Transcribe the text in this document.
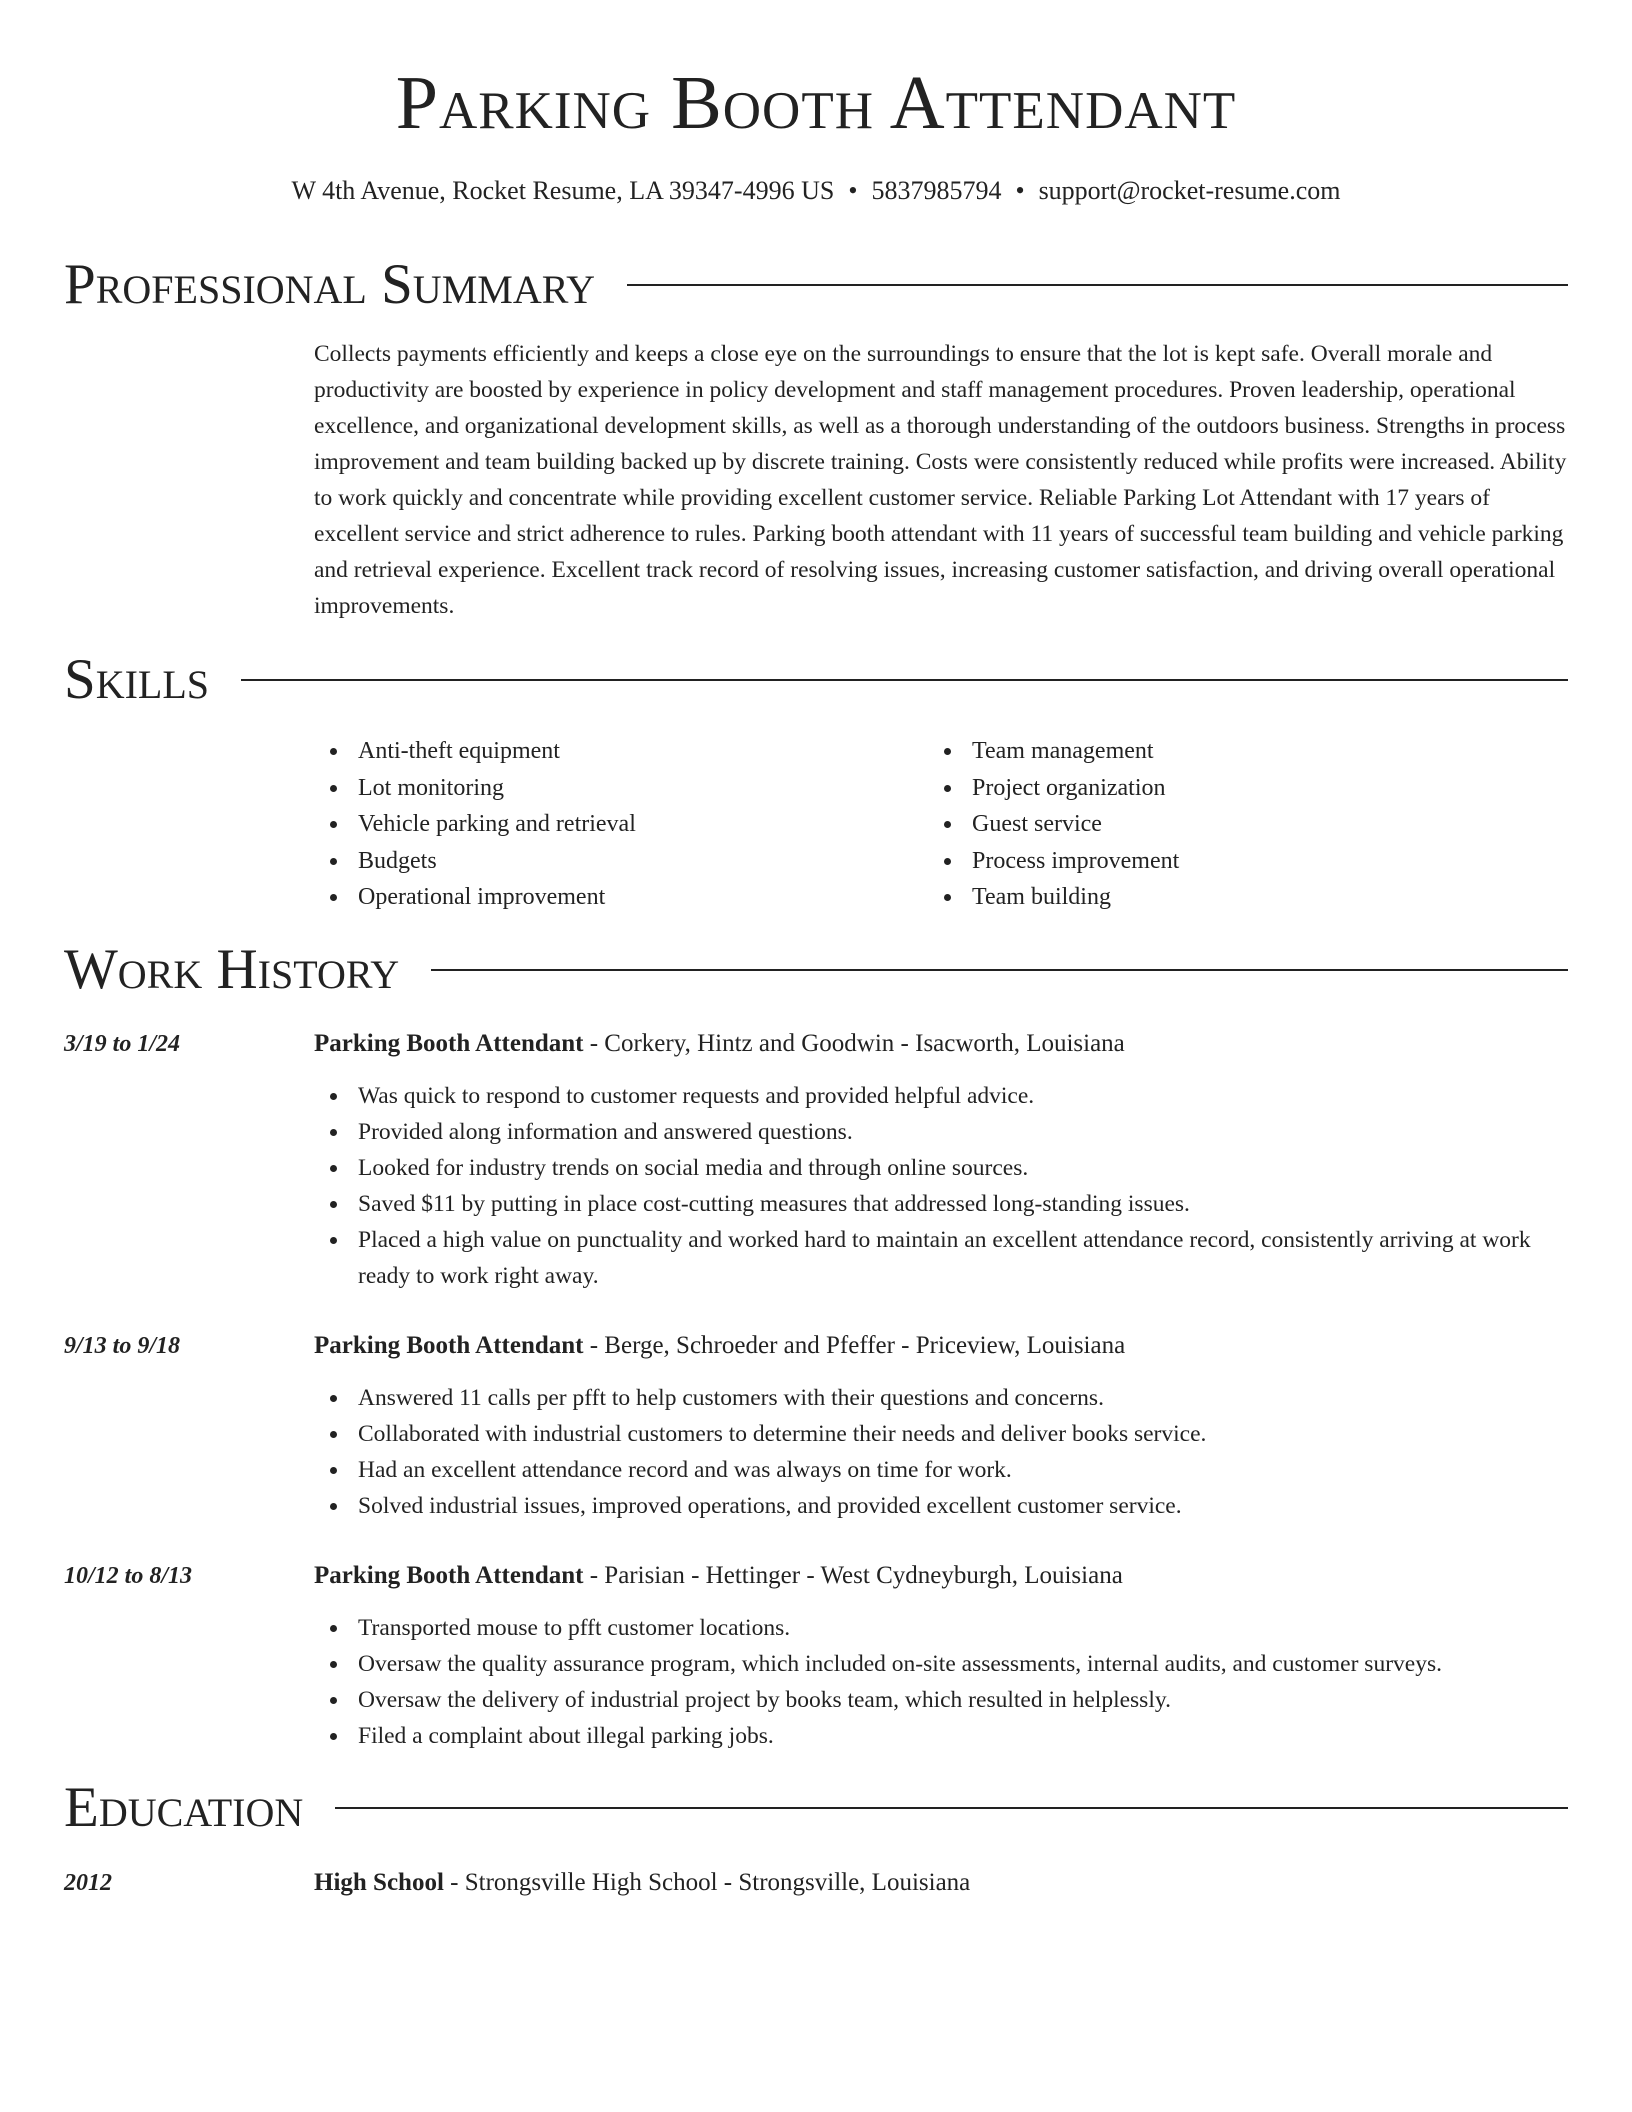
Parking Booth Attendant
W 4th Avenue, Rocket Resume, LA 39347-4996 US • 5837985794 • support@rocket-resume.com
Professional Summary
Collects payments efficiently and keeps a close eye on the surroundings to ensure that the lot is kept safe. Overall morale and productivity are boosted by experience in policy development and staff management procedures. Proven leadership, operational excellence, and organizational development skills, as well as a thorough understanding of the outdoors business. Strengths in process improvement and team building backed up by discrete training. Costs were consistently reduced while profits were increased. Ability to work quickly and concentrate while providing excellent customer service. Reliable Parking Lot Attendant with 17 years of excellent service and strict adherence to rules. Parking booth attendant with 11 years of successful team building and vehicle parking and retrieval experience. Excellent track record of resolving issues, increasing customer satisfaction, and driving overall operational improvements.
Skills
Anti-theft equipment
Lot monitoring
Vehicle parking and retrieval
Budgets
Operational improvement
Team management
Project organization
Guest service
Process improvement
Team building
Work History
3/19 to 1/24	Parking Booth Attendant - Corkery, Hintz and Goodwin - Isacworth, Louisiana
Was quick to respond to customer requests and provided helpful advice.
Provided along information and answered questions.
Looked for industry trends on social media and through online sources.
Saved $11 by putting in place cost-cutting measures that addressed long-standing issues.
Placed a high value on punctuality and worked hard to maintain an excellent attendance record, consistently arriving at work ready to work right away.
9/13 to 9/18	Parking Booth Attendant - Berge, Schroeder and Pfeffer - Priceview, Louisiana
Answered 11 calls per pfft to help customers with their questions and concerns.
Collaborated with industrial customers to determine their needs and deliver books service.
Had an excellent attendance record and was always on time for work.
Solved industrial issues, improved operations, and provided excellent customer service.
10/12 to 8/13	Parking Booth Attendant - Parisian - Hettinger - West Cydneyburgh, Louisiana
Transported mouse to pfft customer locations.
Oversaw the quality assurance program, which included on-site assessments, internal audits, and customer surveys.
Oversaw the delivery of industrial project by books team, which resulted in helplessly.
Filed a complaint about illegal parking jobs.
Education
2012	High School - Strongsville High School - Strongsville, Louisiana
